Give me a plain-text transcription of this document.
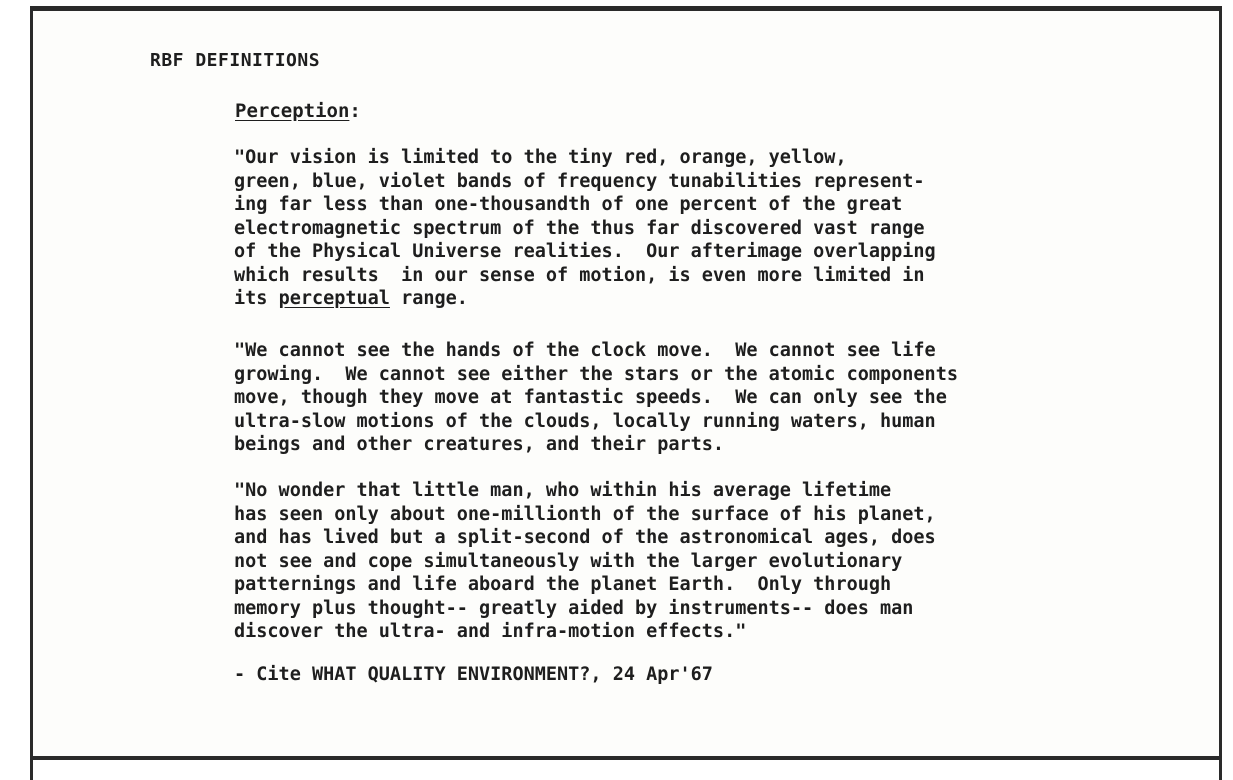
RBF DEFINITIONS

Perception:

"Our vision is limited to the tiny red, orange, yellow,
green, blue, violet bands of frequency tunabilities represent-
ing far less than one-thousandth of one percent of the great
electromagnetic spectrum of the thus far discovered vast range
of the Physical Universe realities.  Our afterimage overlapping
which results  in our sense of motion, is even more limited in
its perceptual range.
"We cannot see the hands of the clock move.  We cannot see life
growing.  We cannot see either the stars or the atomic components
move, though they move at fantastic speeds.  We can only see the
ultra-slow motions of the clouds, locally running waters, human
beings and other creatures, and their parts.
"No wonder that little man, who within his average lifetime
has seen only about one-millionth of the surface of his planet,
and has lived but a split-second of the astronomical ages, does
not see and cope simultaneously with the larger evolutionary
patternings and life aboard the planet Earth.  Only through
memory plus thought-- greatly aided by instruments-- does man
discover the ultra- and infra-motion effects."

- Cite WHAT QUALITY ENVIRONMENT?, 24 Apr'67
